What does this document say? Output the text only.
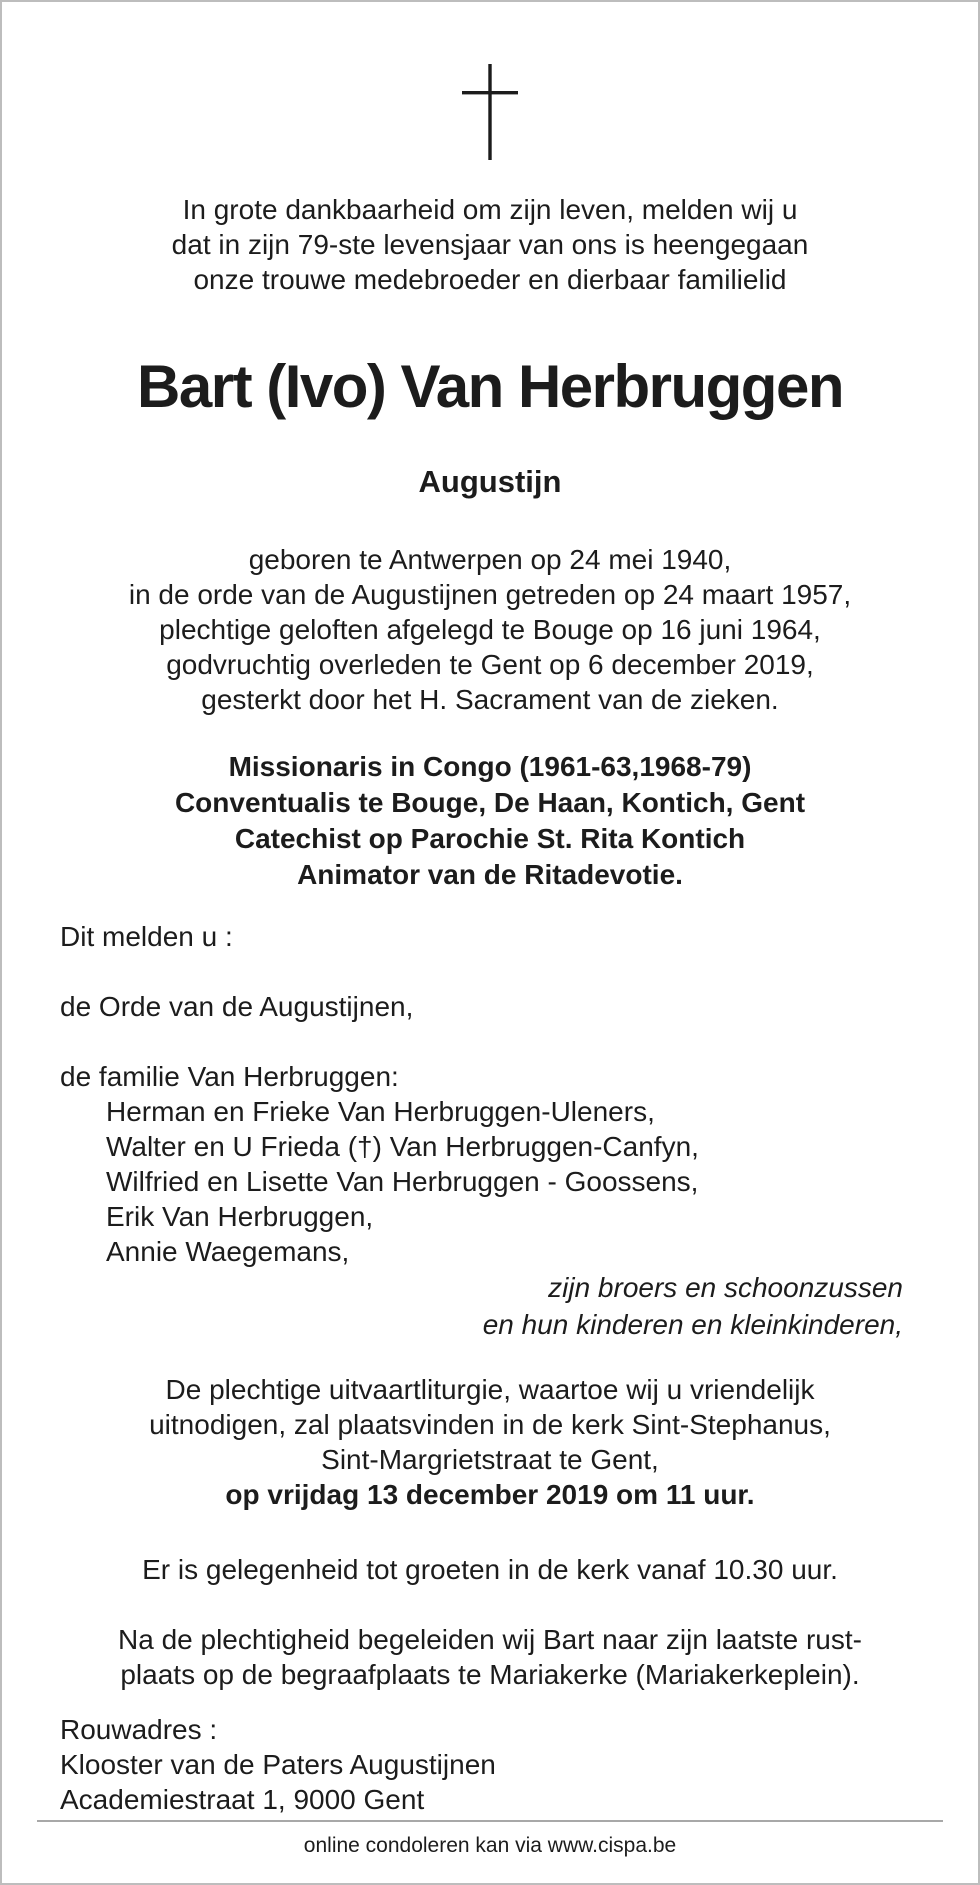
In grote dankbaarheid om zijn leven, melden wij u
dat in zijn 79-ste levensjaar van ons is heengegaan
onze trouwe medebroeder en dierbaar familielid
Bart (Ivo) Van Herbruggen
Augustijn
geboren te Antwerpen op 24 mei 1940,
in de orde van de Augustijnen getreden op 24 maart 1957,
plechtige geloften afgelegd te Bouge op 16 juni 1964,
godvruchtig overleden te Gent op 6 december 2019,
gesterkt door het H. Sacrament van de zieken.
Missionaris in Congo (1961-63,1968-79)
Conventualis te Bouge, De Haan, Kontich, Gent
Catechist op Parochie St. Rita Kontich
Animator van de Ritadevotie.
Dit melden u :
de Orde van de Augustijnen,
de familie Van Herbruggen:
Herman en Frieke Van Herbruggen-Uleners,
Walter en U Frieda (†) Van Herbruggen-Canfyn,
Wilfried en Lisette Van Herbruggen - Goossens,
Erik Van Herbruggen,
Annie Waegemans,
zijn broers en schoonzussen
en hun kinderen en kleinkinderen,
De plechtige uitvaartliturgie, waartoe wij u vriendelijk
uitnodigen, zal plaatsvinden in de kerk Sint-Stephanus,
Sint-Margrietstraat te Gent,
op vrijdag 13 december 2019 om 11 uur.
Er is gelegenheid tot groeten in de kerk vanaf 10.30 uur.
Na de plechtigheid begeleiden wij Bart naar zijn laatste rust-
plaats op de begraafplaats te Mariakerke (Mariakerkeplein).
Rouwadres :
Klooster van de Paters Augustijnen
Academiestraat 1, 9000 Gent
online condoleren kan via www.cispa.be
